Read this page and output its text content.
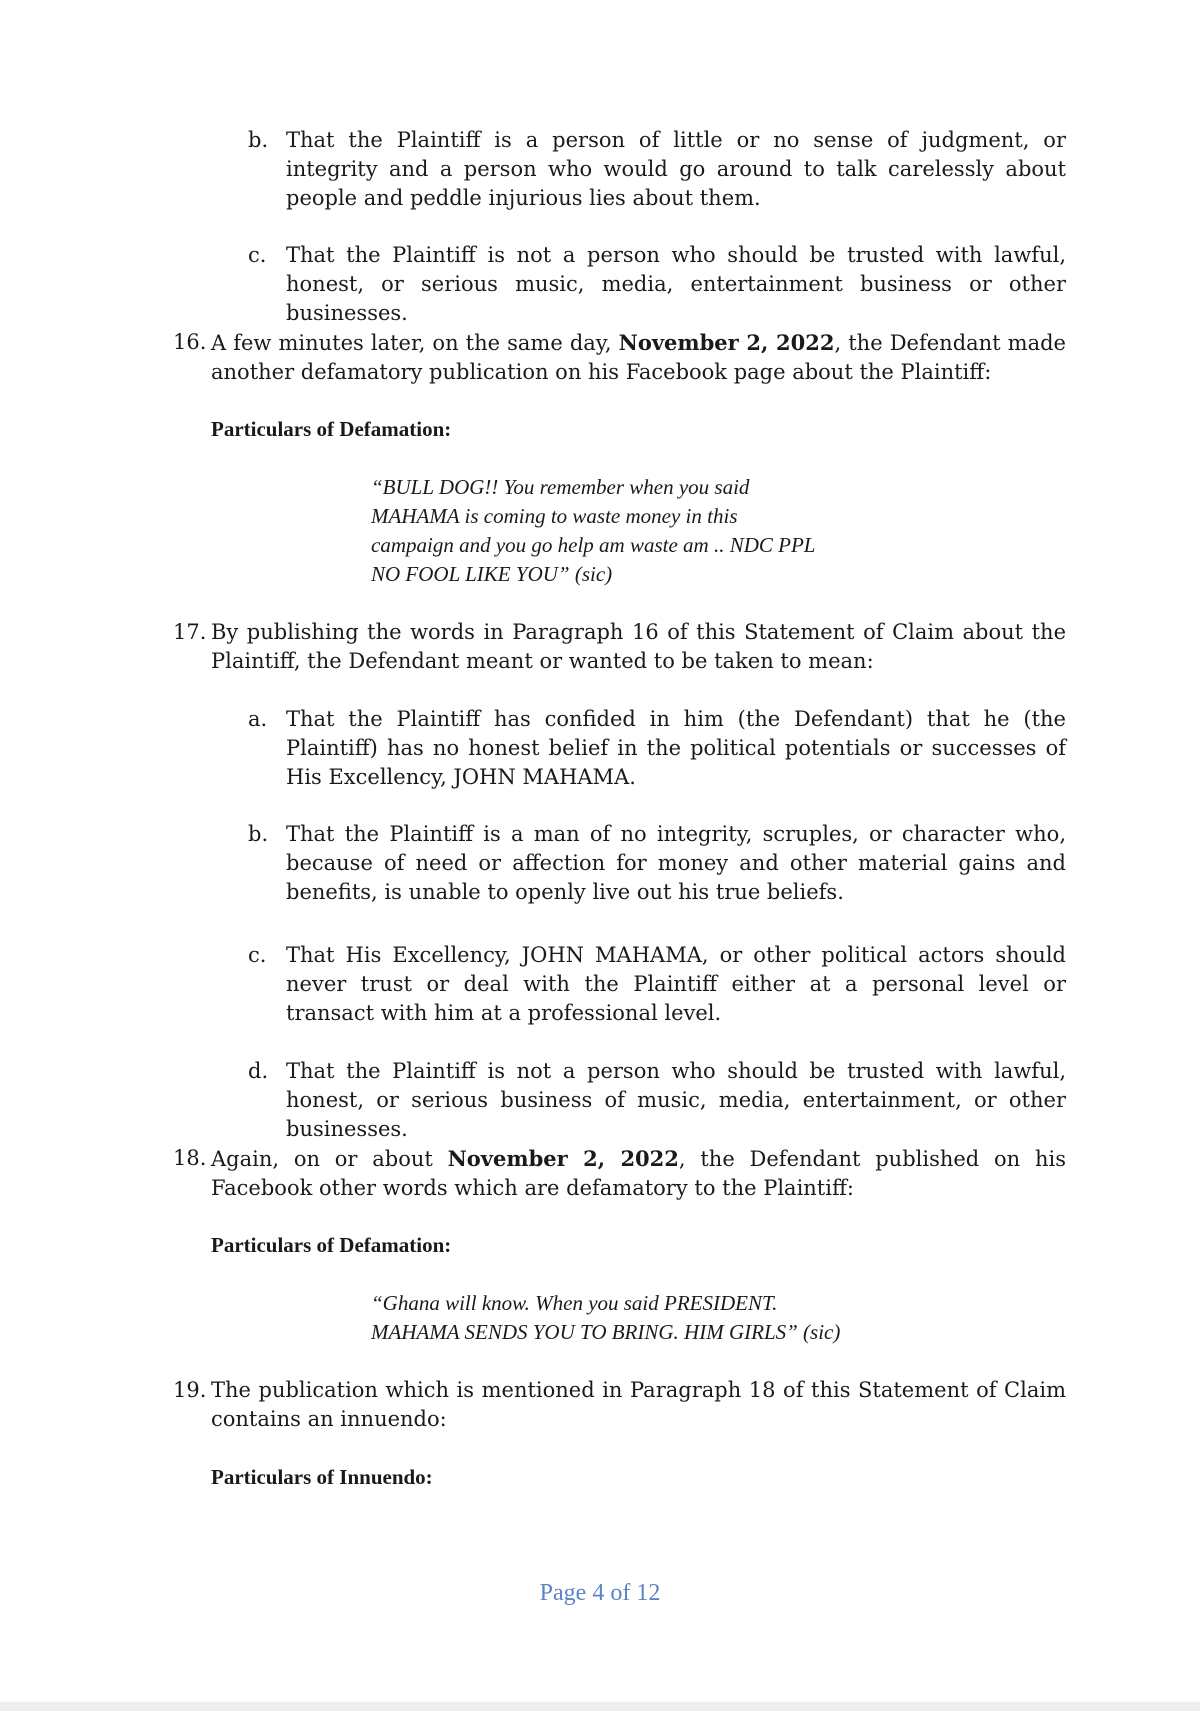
b. That the Plaintiff is a person of little or no sense of judgment, or integrity and a person who would go around to talk carelessly about people and peddle injurious lies about them.
c. That the Plaintiff is not a person who should be trusted with lawful, honest, or serious music, media, entertainment business or other businesses.
16. A few minutes later, on the same day, November 2, 2022, the Defendant made another defamatory publication on his Facebook page about the Plaintiff:
Particulars of Defamation:
“BULL DOG!! You remember when you said
MAHAMA is coming to waste money in this
campaign and you go help am waste am .. NDC PPL
NO FOOL LIKE YOU” (sic)
17. By publishing the words in Paragraph 16 of this Statement of Claim about the Plaintiff, the Defendant meant or wanted to be taken to mean:
a. That the Plaintiff has confided in him (the Defendant) that he (the Plaintiff) has no honest belief in the political potentials or successes of His Excellency, JOHN MAHAMA.
b. That the Plaintiff is a man of no integrity, scruples, or character who, because of need or affection for money and other material gains and benefits, is unable to openly live out his true beliefs.
c. That His Excellency, JOHN MAHAMA, or other political actors should never trust or deal with the Plaintiff either at a personal level or transact with him at a professional level.
d. That the Plaintiff is not a person who should be trusted with lawful, honest, or serious business of music, media, entertainment, or other businesses.
18. Again, on or about November 2, 2022, the Defendant published on his Facebook other words which are defamatory to the Plaintiff:
Particulars of Defamation:
“Ghana will know. When you said PRESIDENT.
MAHAMA SENDS YOU TO BRING. HIM GIRLS” (sic)
19. The publication which is mentioned in Paragraph 18 of this Statement of Claim contains an innuendo:
Particulars of Innuendo:
Page 4 of 12
